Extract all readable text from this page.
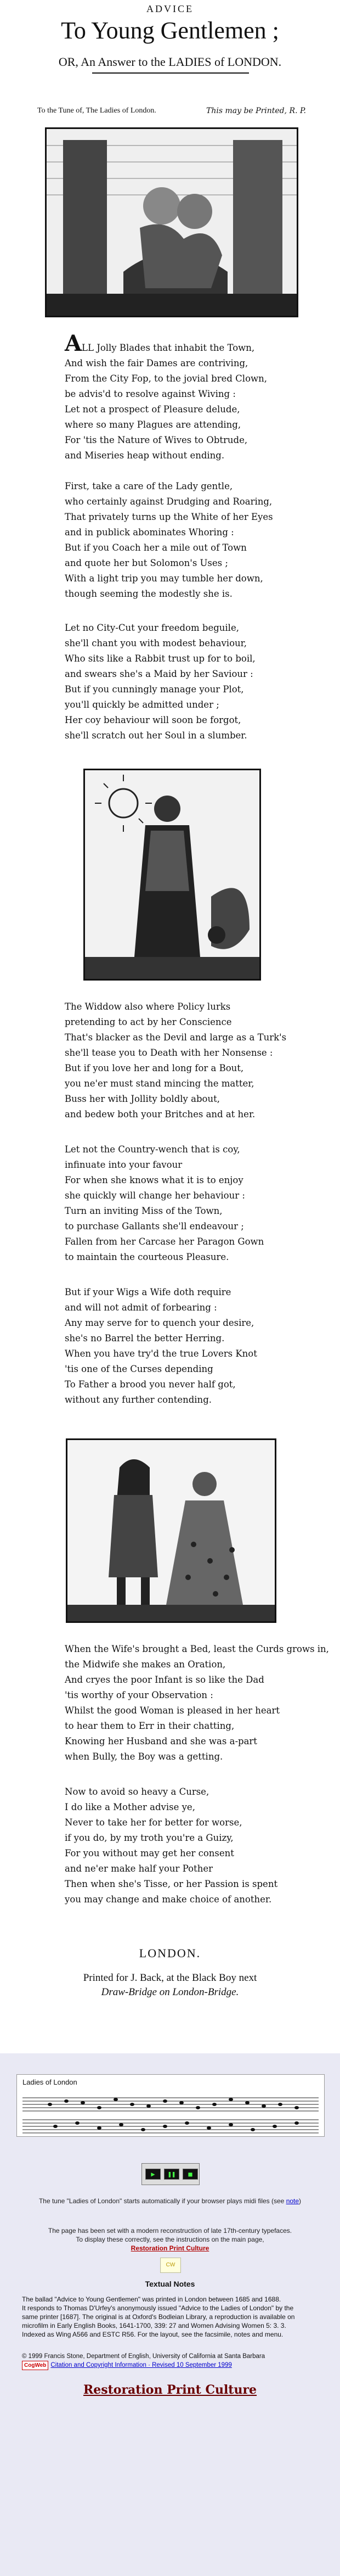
ADVICE
To Young Gentlemen ;
OR, An Answer to the LADIES of LONDON.
To the Tune of, The Ladies of London.	This may be Printed, R. P.
ALL Jolly Blades that inhabit the Town,
And wish the fair Dames are contriving,
From the City Fop, to the jovial bred Clown,
be advis'd to resolve against Wiving :
Let not a prospect of Pleasure delude,
where so many Plagues are attending,
For 'tis the Nature of Wives to Obtrude,
and Miseries heap without ending.
First, take a care of the Lady gentle,
who certainly against Drudging and Roaring,
That privately turns up the White of her Eyes
and in publick abominates Whoring :
But if you Coach her a mile out of Town
and quote her but Solomon's Uses ;
With a light trip you may tumble her down,
though seeming the modestly she is.
Let no City-Cut your freedom beguile,
she'll chant you with modest behaviour,
Who sits like a Rabbit trust up for to boil,
and swears she's a Maid by her Saviour :
But if you cunningly manage your Plot,
you'll quickly be admitted under ;
Her coy behaviour will soon be forgot,
she'll scratch out her Soul in a slumber.
The Widdow also where Policy lurks
pretending to act by her Conscience
That's blacker as the Devil and large as a Turk's
she'll tease you to Death with her Nonsense :
But if you love her and long for a Bout,
you ne'er must stand mincing the matter,
Buss her with Jollity boldly about,
and bedew both your Britches and at her.
Let not the Country-wench that is coy,
infinuate into your favour
For when she knows what it is to enjoy
she quickly will change her behaviour :
Turn an inviting Miss of the Town,
to purchase Gallants she'll endeavour ;
Fallen from her Carcase her Paragon Gown
to maintain the courteous Pleasure.
But if your Wigs a Wife doth require
and will not admit of forbearing :
Any may serve for to quench your desire,
she's no Barrel the better Herring.
When you have try'd the true Lovers Knot
'tis one of the Curses depending
To Father a brood you never half got,
without any further contending.
When the Wife's brought a Bed, least the Curds grows in,
the Midwife she makes an Oration,
And cryes the poor Infant is so like the Dad
'tis worthy of your Observation :
Whilst the good Woman is pleased in her heart
to hear them to Err in their chatting,
Knowing her Husband and she was a-part
when Bully, the Boy was a getting.
Now to avoid so heavy a Curse,
I do like a Mother advise ye,
Never to take her for better for worse,
if you do, by my troth you're a Guizy,
For you without may get her consent
and ne'er make half your Pother
Then when she's Tisse, or her Passion is spent
you may change and make choice of another.
LONDON.
Printed for J. Back, at the Black Boy next
Draw-Bridge on London-Bridge.
Ladies of London
▶	❚❚	■
The tune "Ladies of London" starts automatically if your browser plays midi files (see note)
The page has been set with a modern reconstruction of late 17th-century typefaces.
To display these correctly, see the instructions on the main page,
Restoration Print Culture
CW
Textual Notes
The ballad "Advice to Young Gentlemen" was printed in London between 1685 and 1688.
It responds to Thomas D'Urfey's anonymously issued "Advice to the Ladies of London" by the
same printer [1687]. The original is at Oxford's Bodleian Library, a reproduction is available on
microfilm in Early English Books, 1641-1700, 339: 27 and Women Advising Women 5: 3. 3.
Indexed as Wing A566 and ESTC R56. For the layout, see the facsimile, notes and menu.
© 1999 Francis Stone, Department of English, University of California at Santa Barbara
CogWeb Citation and Copyright Information · Revised 10 September 1999
Restoration Print Culture
